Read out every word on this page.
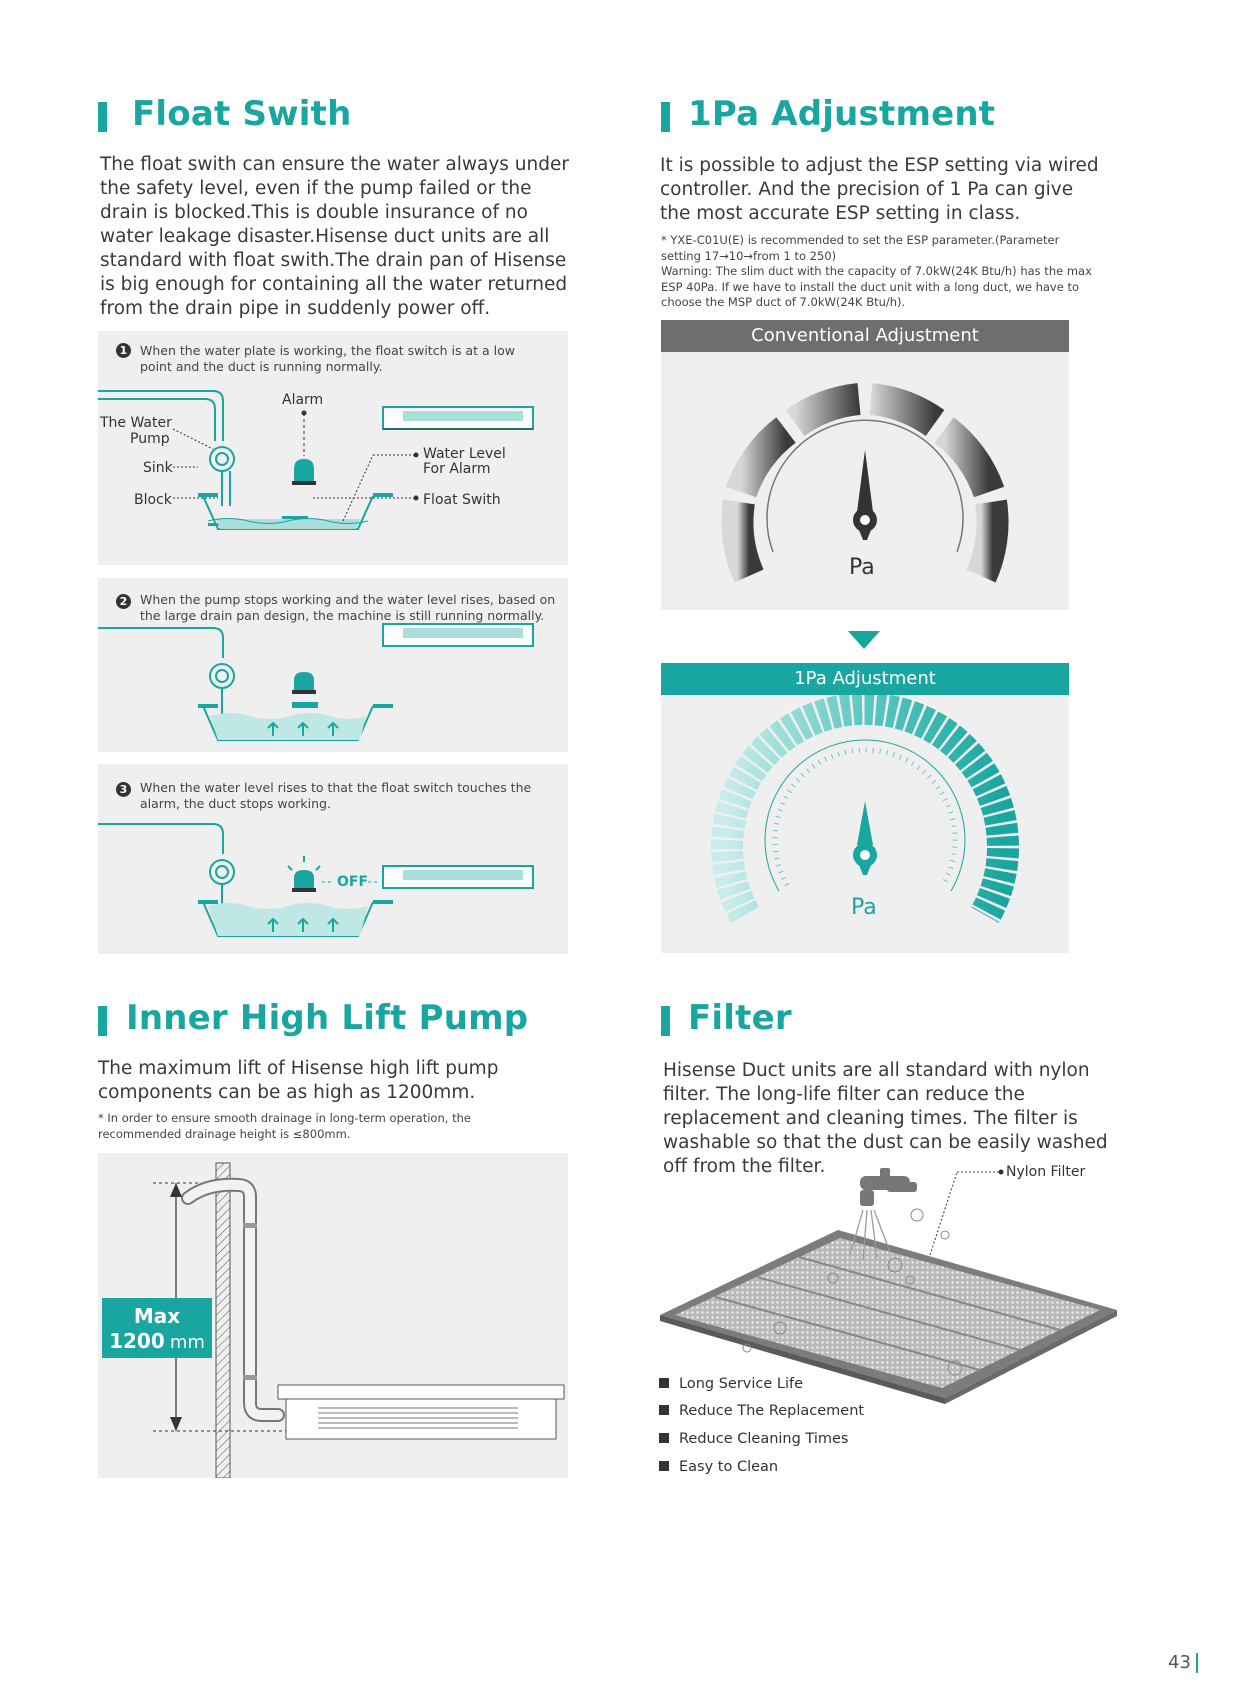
Float Swith
The float swith can ensure the water always under the safety level, even if the pump failed or the drain is blocked.This is double insurance of no water leakage disaster.Hisense duct units are all standard with float swith.The drain pan of Hisense is big enough for containing all the water returned from the drain pipe in suddenly power off.
1 When the water plate is working, the float switch is at a low point and the duct is running normally.
Alarm
The Water
Pump
Sink
Block
Water Level
For Alarm
Float Swith
2 When the pump stops working and the water level rises, based on the large drain pan design, the machine is still running normally.
3 When the water level rises to that the float switch touches the alarm, the duct stops working.
OFF
1Pa Adjustment
It is possible to adjust the ESP setting via wired controller. And the precision of 1 Pa can give the most accurate ESP setting in class.
* YXE-C01U(E) is recommended to set the ESP parameter.(Parameter setting 17→10→from 1 to 250)
Warning: The slim duct with the capacity of 7.0kW(24K Btu/h) has the max ESP 40Pa. If we have to install the duct unit with a long duct, we have to choose the MSP duct of 7.0kW(24K Btu/h).
Conventional Adjustment
Pa
1Pa Adjustment
Pa
Inner High Lift Pump
The maximum lift of Hisense high lift pump components can be as high as 1200mm.
* In order to ensure smooth drainage in long-term operation, the recommended drainage height is ≤800mm.
Max
1200 mm
Filter
Hisense Duct units are all standard with nylon filter. The long-life filter can reduce the replacement and cleaning times. The filter is washable so that the dust can be easily washed off from the filter.	Nylon Filter
Long Service Life
Reduce The Replacement
Reduce Cleaning Times
Easy to Clean
43
